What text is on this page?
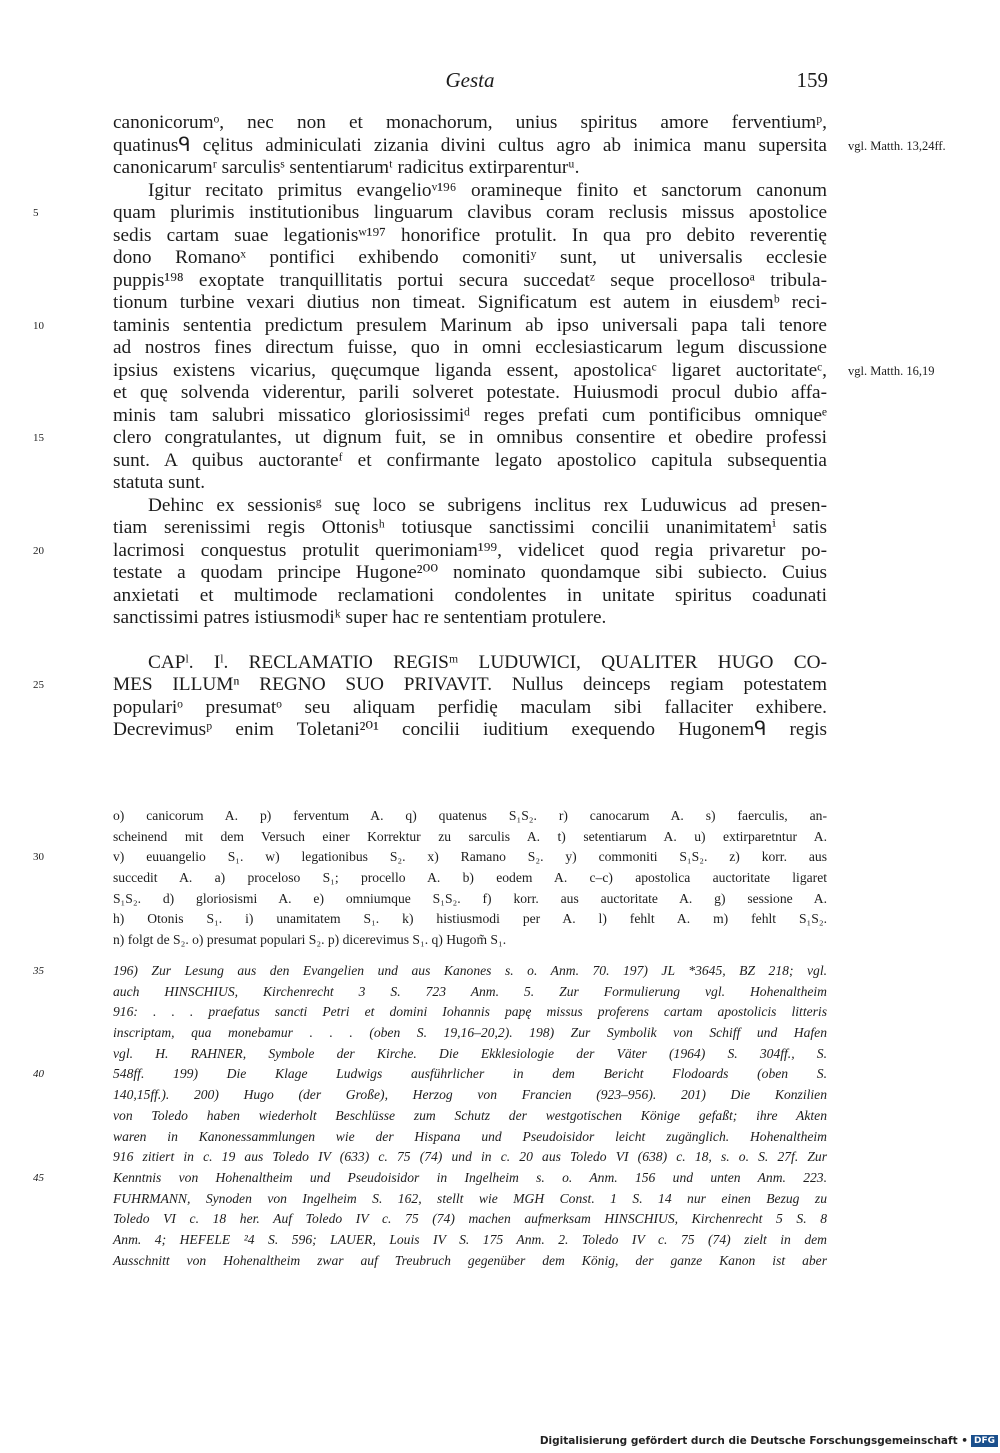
Gesta	159
canonicorumᵒ, nec non et monachorum, unius spiritus amore ferventiumᵖ,
quatinusᑫ cęlitus adminiculati zizania divini cultus agro ab inimica manu supersita vgl. Matth. 13,24ff.
canonicarumʳ sarculisˢ sententiarumᵗ radicitus extirparenturᵘ.
Igitur recitato primitus evangelioᵛ¹⁹⁶ oramineque finito et sanctorum canonum
quam plurimis institutionibus linguarum clavibus coram reclusis missus apostolice
5
sedis cartam suae legationisʷ¹⁹⁷ honorifice protulit. In qua pro debito reverentię
dono Romanoˣ pontifici exhibendo comonitiʸ sunt, ut universalis ecclesie
puppis¹⁹⁸ exoptate tranquillitatis portui secura succedatᶻ seque procellosoᵃ tribula-
tionum turbine vexari diutius non timeat. Significatum est autem in eiusdemᵇ reci-
taminis sententia predictum presulem Marinum ab ipso universali papa tali tenore
10
ad nostros fines directum fuisse, quo in omni ecclesiasticarum legum discussione
ipsius existens vicarius, quęcumque liganda essent, apostolicaᶜ ligaret auctoritateᶜ, vgl. Matth. 16,19
et quę solvenda viderentur, parili solveret potestate. Huiusmodi procul dubio affa-
minis tam salubri missatico gloriosissimiᵈ reges prefati cum pontificibus omniqueᵉ
clero congratulantes, ut dignum fuit, se in omnibus consentire et obedire professi
15
sunt. A quibus auctoranteᶠ et confirmante legato apostolico capitula subsequentia
statuta sunt.
Dehinc ex sessionisᵍ suę loco se subrigens inclitus rex Luduwicus ad presen-
tiam serenissimi regis Ottonisʰ totiusque sanctissimi concilii unanimitatemⁱ satis
lacrimosi conquestus protulit querimoniam¹⁹⁹, videlicet quod regia privaretur po-
20
testate a quodam principe Hugone²⁰⁰ nominato quondamque sibi subiecto. Cuius
anxietati et multimode reclamationi condolentes in unitate spiritus coadunati
sanctissimi patres istiusmodiᵏ super hac re sententiam protulere.
CAPˡ. Iˡ. RECLAMATIO REGISᵐ LUDUWICI, QUALITER HUGO CO-
MES ILLUMⁿ REGNO SUO PRIVAVIT. Nullus deinceps regiam potestatem
25
populariᵒ presumatᵒ seu aliquam perfidię maculam sibi fallaciter exhibere.
Decrevimusᵖ enim Toletani²⁰¹ concilii iuditium exequendo Hugonemᑫ regis
o) canicorum A. p) ferventum A. q) quatenus S₁S₂. r) canocarum A. s) faerculis, an-
scheinend mit dem Versuch einer Korrektur zu sarculis A. t) setentiarum A. u) extirparetntur A.
v) euuangelio S₁. w) legationibus S₂. x) Ramano S₂. y) commoniti S₁S₂. z) korr. aus
30
succedit A. a) proceloso S₁; procello A. b) eodem A. c–c) apostolica auctoritate ligaret
S₁S₂. d) gloriosismi A. e) omniumque S₁S₂. f) korr. aus auctoritate A. g) sessione A.
h) Otonis S₁. i) unamitatem S₁. k) histiusmodi per A. l) fehlt A. m) fehlt S₁S₂.
n) folgt de S₂. o) presumat populari S₂. p) dicerevimus S₁. q) Hugom̃ S₁.
196) Zur Lesung aus den Evangelien und aus Kanones s. o. Anm. 70. 197) JL *3645, BZ 218; vgl.
35
auch HINSCHIUS, Kirchenrecht 3 S. 723 Anm. 5. Zur Formulierung vgl. Hohenaltheim
916: . . . praefatus sancti Petri et domini Iohannis papę missus proferens cartam apostolicis litteris
inscriptam, qua monebamur . . . (oben S. 19,16–20,2). 198) Zur Symbolik von Schiff und Hafen
vgl. H. RAHNER, Symbole der Kirche. Die Ekklesiologie der Väter (1964) S. 304ff., S.
548ff. 199) Die Klage Ludwigs ausführlicher in dem Bericht Flodoards (oben S.
40
140,15ff.). 200) Hugo (der Große), Herzog von Francien (923–956). 201) Die Konzilien
von Toledo haben wiederholt Beschlüsse zum Schutz der westgotischen Könige gefaßt; ihre Akten
waren in Kanonessammlungen wie der Hispana und Pseudoisidor leicht zugänglich. Hohenaltheim
916 zitiert in c. 19 aus Toledo IV (633) c. 75 (74) und in c. 20 aus Toledo VI (638) c. 18, s. o. S. 27f. Zur
Kenntnis von Hohenaltheim und Pseudoisidor in Ingelheim s. o. Anm. 156 und unten Anm. 223.
45
FUHRMANN, Synoden von Ingelheim S. 162, stellt wie MGH Const. 1 S. 14 nur einen Bezug zu
Toledo VI c. 18 her. Auf Toledo IV c. 75 (74) machen aufmerksam HINSCHIUS, Kirchenrecht 5 S. 8
Anm. 4; HEFELE ²4 S. 596; LAUER, Louis IV S. 175 Anm. 2. Toledo IV c. 75 (74) zielt in dem
Ausschnitt von Hohenaltheim zwar auf Treubruch gegenüber dem König, der ganze Kanon ist aber
Digitalisierung gefördert durch die Deutsche Forschungsgemeinschaft • DFG
